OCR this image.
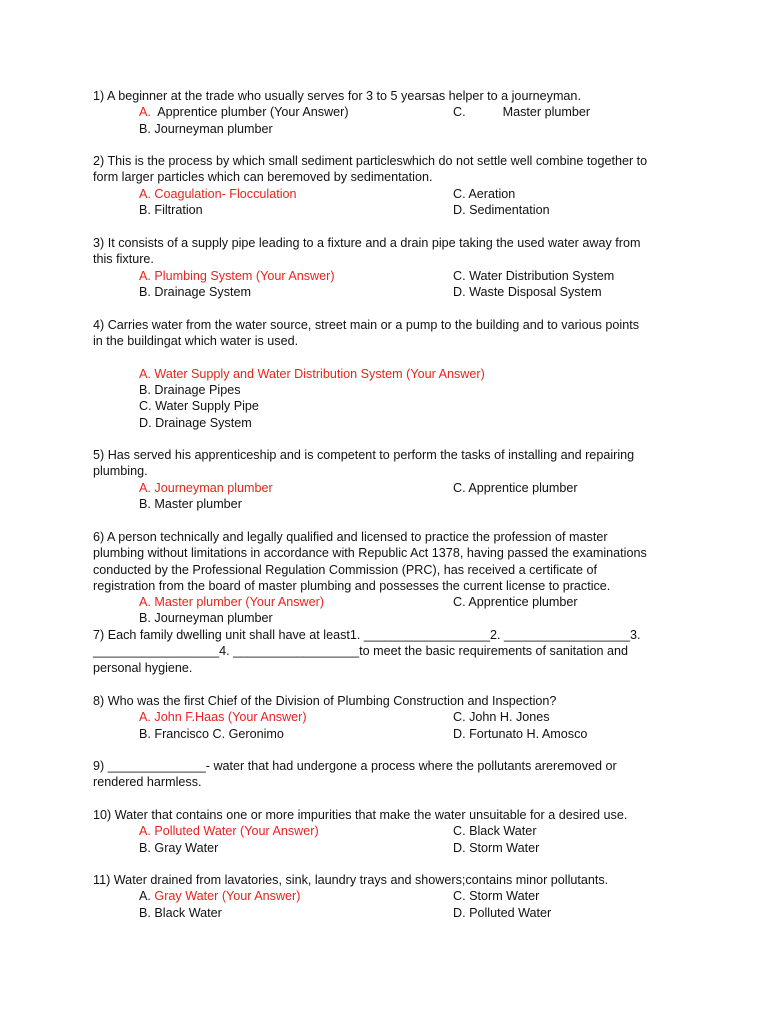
1) A beginner at the trade who usually serves for 3 to 5 yearsas helper to a journeyman.

A. Apprentice plumber (Your Answer)	C.	Master plumber
B. Journeyman plumber

2) This is the process by which small sediment particleswhich do not settle well combine together to

form larger particles which can beremoved by sedimentation.

A. Coagulation- Flocculation	C. Aeration
B. Filtration	D. Sedimentation

3) It consists of a supply pipe leading to a fixture and a drain pipe taking the used water away from

this fixture.

A. Plumbing System (Your Answer)	C. Water Distribution System
B. Drainage System	D. Waste Disposal System

4) Carries water from the water source, street main or a pump to the building and to various points

in the buildingat which water is used.

A. Water Supply and Water Distribution System (Your Answer)
B. Drainage Pipes
C. Water Supply Pipe
D. Drainage System

5) Has served his apprenticeship and is competent to perform the tasks of installing and repairing

plumbing.

A. Journeyman plumber	C. Apprentice plumber
B. Master plumber

6) A person technically and legally qualified and licensed to practice the profession of master

plumbing without limitations in accordance with Republic Act 1378, having passed the examinations

conducted by the Professional Regulation Commission (PRC), has received a certificate of

registration from the board of master plumbing and possesses the current license to practice.

A. Master plumber (Your Answer)	C. Apprentice plumber
B. Journeyman plumber

7) Each family dwelling unit shall have at least1. __________________2. __________________3.

__________________4. __________________to meet the basic requirements of sanitation and

personal hygiene.

8) Who was the first Chief of the Division of Plumbing Construction and Inspection?

A. John F.Haas (Your Answer)	C. John H. Jones
B. Francisco C. Geronimo	D. Fortunato H. Amosco

9) ______________- water that had undergone a process where the pollutants areremoved or

rendered harmless.

10) Water that contains one or more impurities that make the water unsuitable for a desired use.

A. Polluted Water (Your Answer)	C. Black Water
B. Gray Water	D. Storm Water

11) Water drained from lavatories, sink, laundry trays and showers;contains minor pollutants.

A. Gray Water (Your Answer)	C. Storm Water
B. Black Water	D. Polluted Water
